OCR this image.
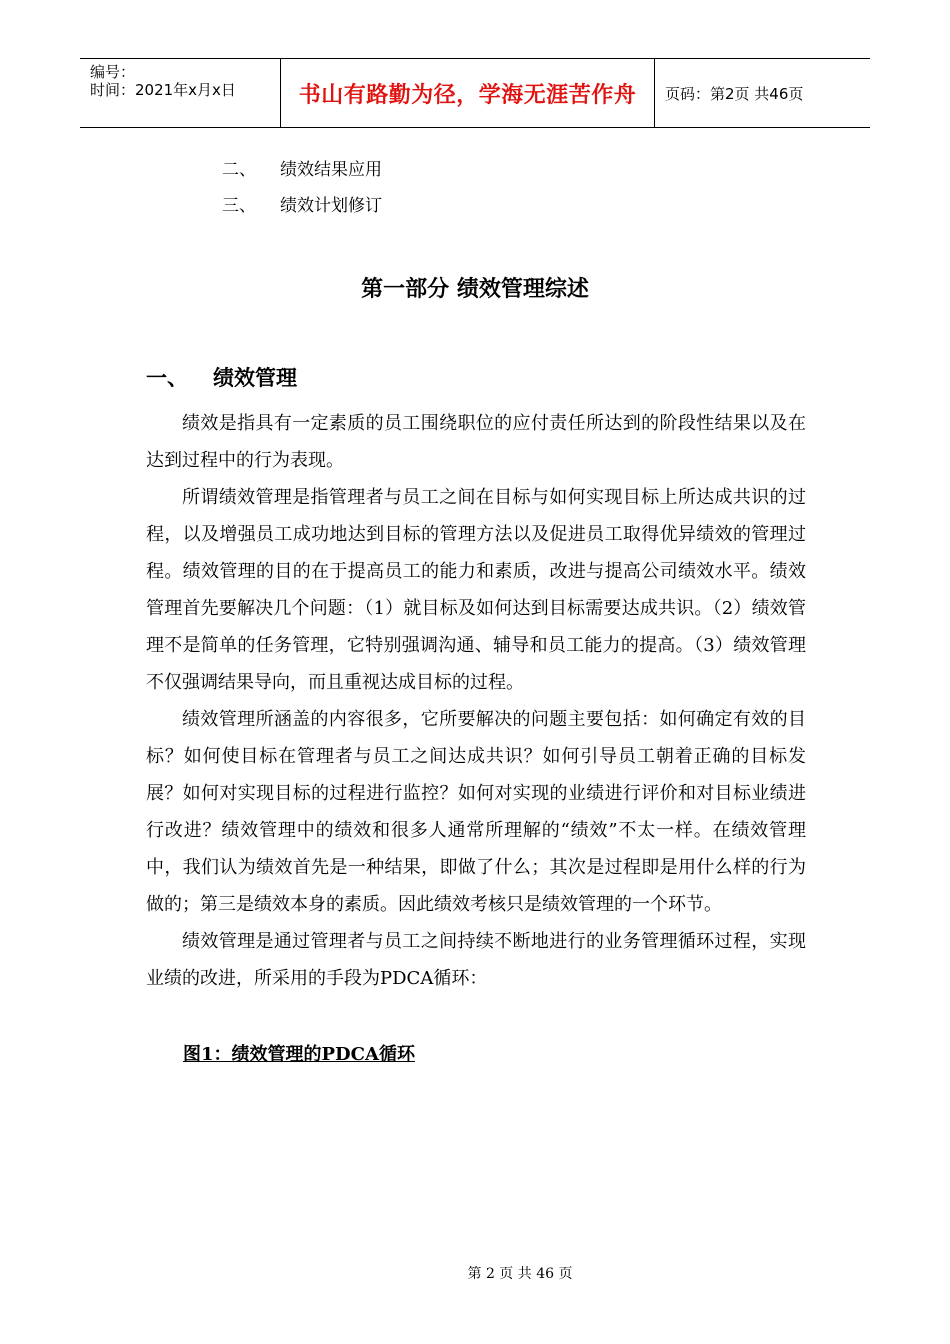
编号：
时间：2021年x月x日	书山有路勤为径，学海无涯苦作舟	页码：第2页 共46页
二、	绩效结果应用
三、	绩效计划修订
第一部分 绩效管理综述
一、	绩效管理

绩效是指具有一定素质的员工围绕职位的应付责任所达到的阶段性结果以及在达到过程中的行为表现。

所谓绩效管理是指管理者与员工之间在目标与如何实现目标上所达成共识的过程，以及增强员工成功地达到目标的管理方法以及促进员工取得优异绩效的管理过程。绩效管理的目的在于提高员工的能力和素质，改进与提高公司绩效水平。绩效管理首先要解决几个问题：（1）就目标及如何达到目标需要达成共识。（2）绩效管理不是简单的任务管理，它特别强调沟通、辅导和员工能力的提高。（3）绩效管理不仅强调结果导向，而且重视达成目标的过程。

绩效管理所涵盖的内容很多，它所要解决的问题主要包括：如何确定有效的目标？如何使目标在管理者与员工之间达成共识？如何引导员工朝着正确的目标发展？如何对实现目标的过程进行监控？如何对实现的业绩进行评价和对目标业绩进行改进？绩效管理中的绩效和很多人通常所理解的“绩效”不太一样。在绩效管理中，我们认为绩效首先是一种结果，即做了什么；其次是过程即是用什么样的行为做的；第三是绩效本身的素质。因此绩效考核只是绩效管理的一个环节。

绩效管理是通过管理者与员工之间持续不断地进行的业务管理循环过程，实现业绩的改进，所采用的手段为PDCA循环：

图1：绩效管理的PDCA循环
第 2 页 共 46 页
